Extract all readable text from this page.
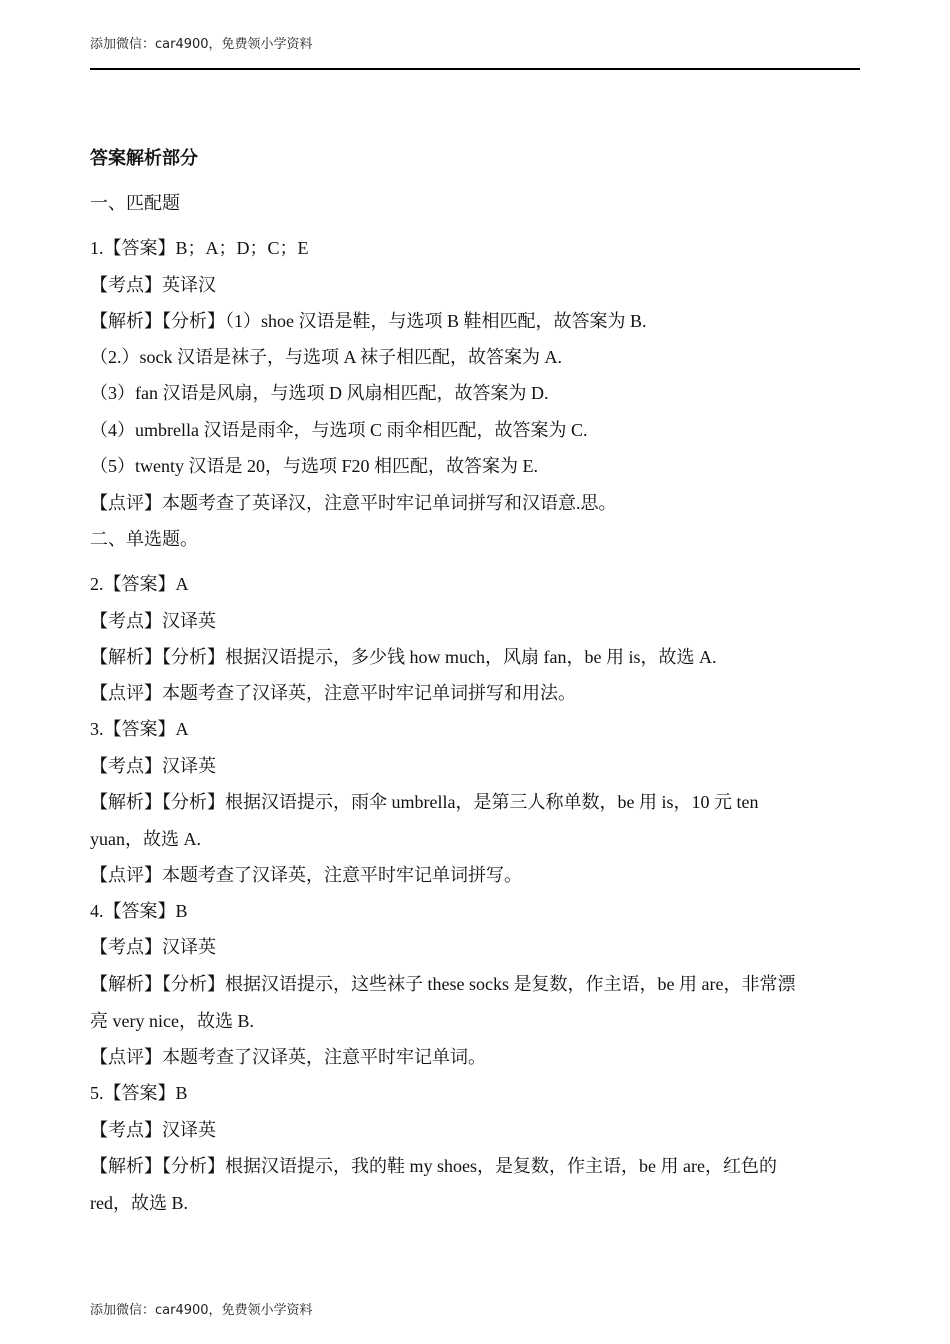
添加微信：car4900，免费领小学资料
答案解析部分
一、匹配题
1.【答案】B；A；D；C；E
【考点】英译汉
【解析】【分析】（1）shoe 汉语是鞋，与选项 B 鞋相匹配，故答案为 B.
（2.）sock 汉语是袜子，与选项 A 袜子相匹配，故答案为 A.
（3）fan 汉语是风扇，与选项 D 风扇相匹配，故答案为 D.
（4）umbrella 汉语是雨伞，与选项 C 雨伞相匹配，故答案为 C.
（5）twenty 汉语是 20，与选项 F20 相匹配，故答案为 E.
【点评】本题考查了英译汉，注意平时牢记单词拼写和汉语意.思。
二、单选题。
2.【答案】A
【考点】汉译英
【解析】【分析】根据汉语提示，多少钱 how much，风扇 fan，be 用 is，故选 A.
【点评】本题考查了汉译英，注意平时牢记单词拼写和用法。
3.【答案】A
【考点】汉译英
【解析】【分析】根据汉语提示，雨伞 umbrella，是第三人称单数，be 用 is，10 元 ten
yuan，故选 A.
【点评】本题考查了汉译英，注意平时牢记单词拼写。
4.【答案】B
【考点】汉译英
【解析】【分析】根据汉语提示，这些袜子 these socks 是复数，作主语，be 用 are，非常漂
亮 very nice，故选 B.
【点评】本题考查了汉译英，注意平时牢记单词。
5.【答案】B
【考点】汉译英
【解析】【分析】根据汉语提示，我的鞋 my shoes，是复数，作主语，be 用 are，红色的
red，故选 B.
添加微信：car4900，免费领小学资料
